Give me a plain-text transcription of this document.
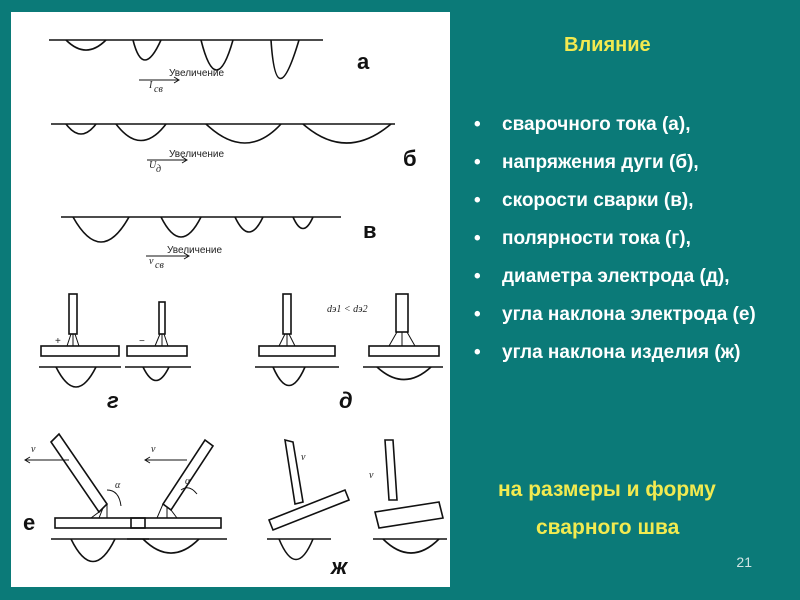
Увеличение
I св
Увеличение
U д
Увеличение
v св
+	−
dэ1 < dэ2
v
α
v
α
v
v
а
б
в
г	д
е
ж
Влияние
• сварочного тока (а),
• напряжения дуги (б),
• скорости сварки (в),
• полярности тока (г),
• диаметра электрода (д),
• угла наклона электрода (е)
• угла наклона изделия (ж)
на размеры и форму
сварного шва
21
